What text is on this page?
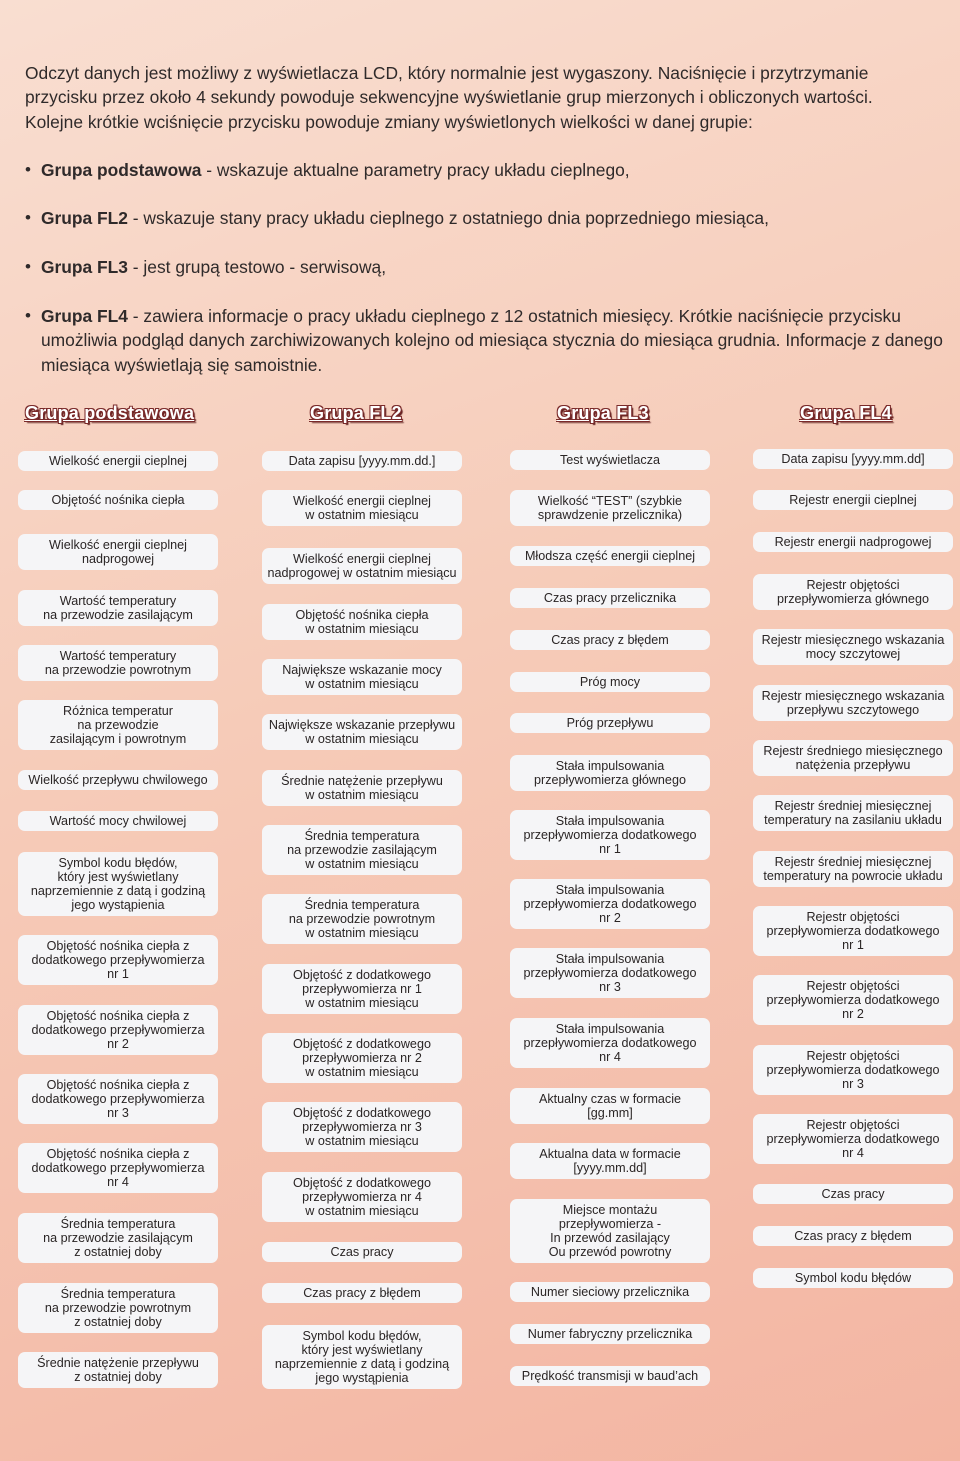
Odczyt danych jest możliwy z wyświetlacza LCD, który normalnie jest wygaszony. Naciśnięcie i przytrzymanie

przycisku przez około 4 sekundy powoduje sekwencyjne wyświetlanie grup mierzonych i obliczonych wartości.

Kolejne krótkie wciśnięcie przycisku powoduje zmiany wyświetlonych wielkości w danej grupie:

• Grupa podstawowa - wskazuje aktualne parametry pracy układu cieplnego,
• Grupa FL2 - wskazuje stany pracy układu cieplnego z ostatniego dnia poprzedniego miesiąca,
• Grupa FL3 - jest grupą testowo - serwisową,
• Grupa FL4 - zawiera informacje o pracy układu cieplnego z 12 ostatnich miesięcy. Krótkie naciśnięcie przycisku umożliwia podgląd danych zarchiwizowanych kolejno od miesiąca stycznia do miesiąca grudnia. Informacje z danego miesiąca wyświetlają się samoistnie.
Grupa podstawowa	Grupa FL2	Grupa FL3	Grupa FL4
Wielkość energii cieplnej
Objętość nośnika ciepła
Wielkość energii cieplnej
nadprogowej
Wartość temperatury
na przewodzie zasilającym
Wartość temperatury
na przewodzie powrotnym
Różnica temperatur
na przewodzie
zasilającym i powrotnym
Wielkość przepływu chwilowego
Wartość mocy chwilowej
Symbol kodu błędów,
który jest wyświetlany
naprzemiennie z datą i godziną
jego wystąpienia
Objętość nośnika ciepła z
dodatkowego przepływomierza
nr 1
Objętość nośnika ciepła z
dodatkowego przepływomierza
nr 2
Objętość nośnika ciepła z
dodatkowego przepływomierza
nr 3
Objętość nośnika ciepła z
dodatkowego przepływomierza
nr 4
Średnia temperatura
na przewodzie zasilającym
z ostatniej doby
Średnia temperatura
na przewodzie powrotnym
z ostatniej doby
Średnie natężenie przepływu
z ostatniej doby
Data zapisu [yyyy.mm.dd.]
Wielkość energii cieplnej
w ostatnim miesiącu
Wielkość energii cieplnej
nadprogowej w ostatnim miesiącu
Objętość nośnika ciepła
w ostatnim miesiącu
Największe wskazanie mocy
w ostatnim miesiącu
Największe wskazanie przepływu
w ostatnim miesiącu
Średnie natężenie przepływu
w ostatnim miesiącu
Średnia temperatura
na przewodzie zasilającym
w ostatnim miesiącu
Średnia temperatura
na przewodzie powrotnym
w ostatnim miesiącu
Objętość z dodatkowego
przepływomierza nr 1
w ostatnim miesiącu
Objętość z dodatkowego
przepływomierza nr 2
w ostatnim miesiącu
Objętość z dodatkowego
przepływomierza nr 3
w ostatnim miesiącu
Objętość z dodatkowego
przepływomierza nr 4
w ostatnim miesiącu
Czas pracy
Czas pracy z błędem
Symbol kodu błędów,
który jest wyświetlany
naprzemiennie z datą i godziną
jego wystąpienia
Test wyświetlacza
Wielkość “TEST” (szybkie
sprawdzenie przelicznika)
Młodsza część energii cieplnej
Czas pracy przelicznika
Czas pracy z błędem
Próg mocy
Próg przepływu
Stała impulsowania
przepływomierza głównego
Stała impulsowania
przepływomierza dodatkowego
nr 1
Stała impulsowania
przepływomierza dodatkowego
nr 2
Stała impulsowania
przepływomierza dodatkowego
nr 3
Stała impulsowania
przepływomierza dodatkowego
nr 4
Aktualny czas w formacie
[gg.mm]
Aktualna data w formacie
[yyyy.mm.dd]
Miejsce montażu
przepływomierza -
In przewód zasilający
Ou przewód powrotny
Numer sieciowy przelicznika
Numer fabryczny przelicznika
Prędkość transmisji w baud’ach
Data zapisu [yyyy.mm.dd]
Rejestr energii cieplnej
Rejestr energii nadprogowej
Rejestr objętości
przepływomierza głównego
Rejestr miesięcznego wskazania
mocy szczytowej
Rejestr miesięcznego wskazania
przepływu szczytowego
Rejestr średniego miesięcznego
natężenia przepływu
Rejestr średniej miesięcznej
temperatury na zasilaniu układu
Rejestr średniej miesięcznej
temperatury na powrocie układu
Rejestr objętości
przepływomierza dodatkowego
nr 1
Rejestr objętości
przepływomierza dodatkowego
nr 2
Rejestr objętości
przepływomierza dodatkowego
nr 3
Rejestr objętości
przepływomierza dodatkowego
nr 4
Czas pracy
Czas pracy z błędem
Symbol kodu błędów
